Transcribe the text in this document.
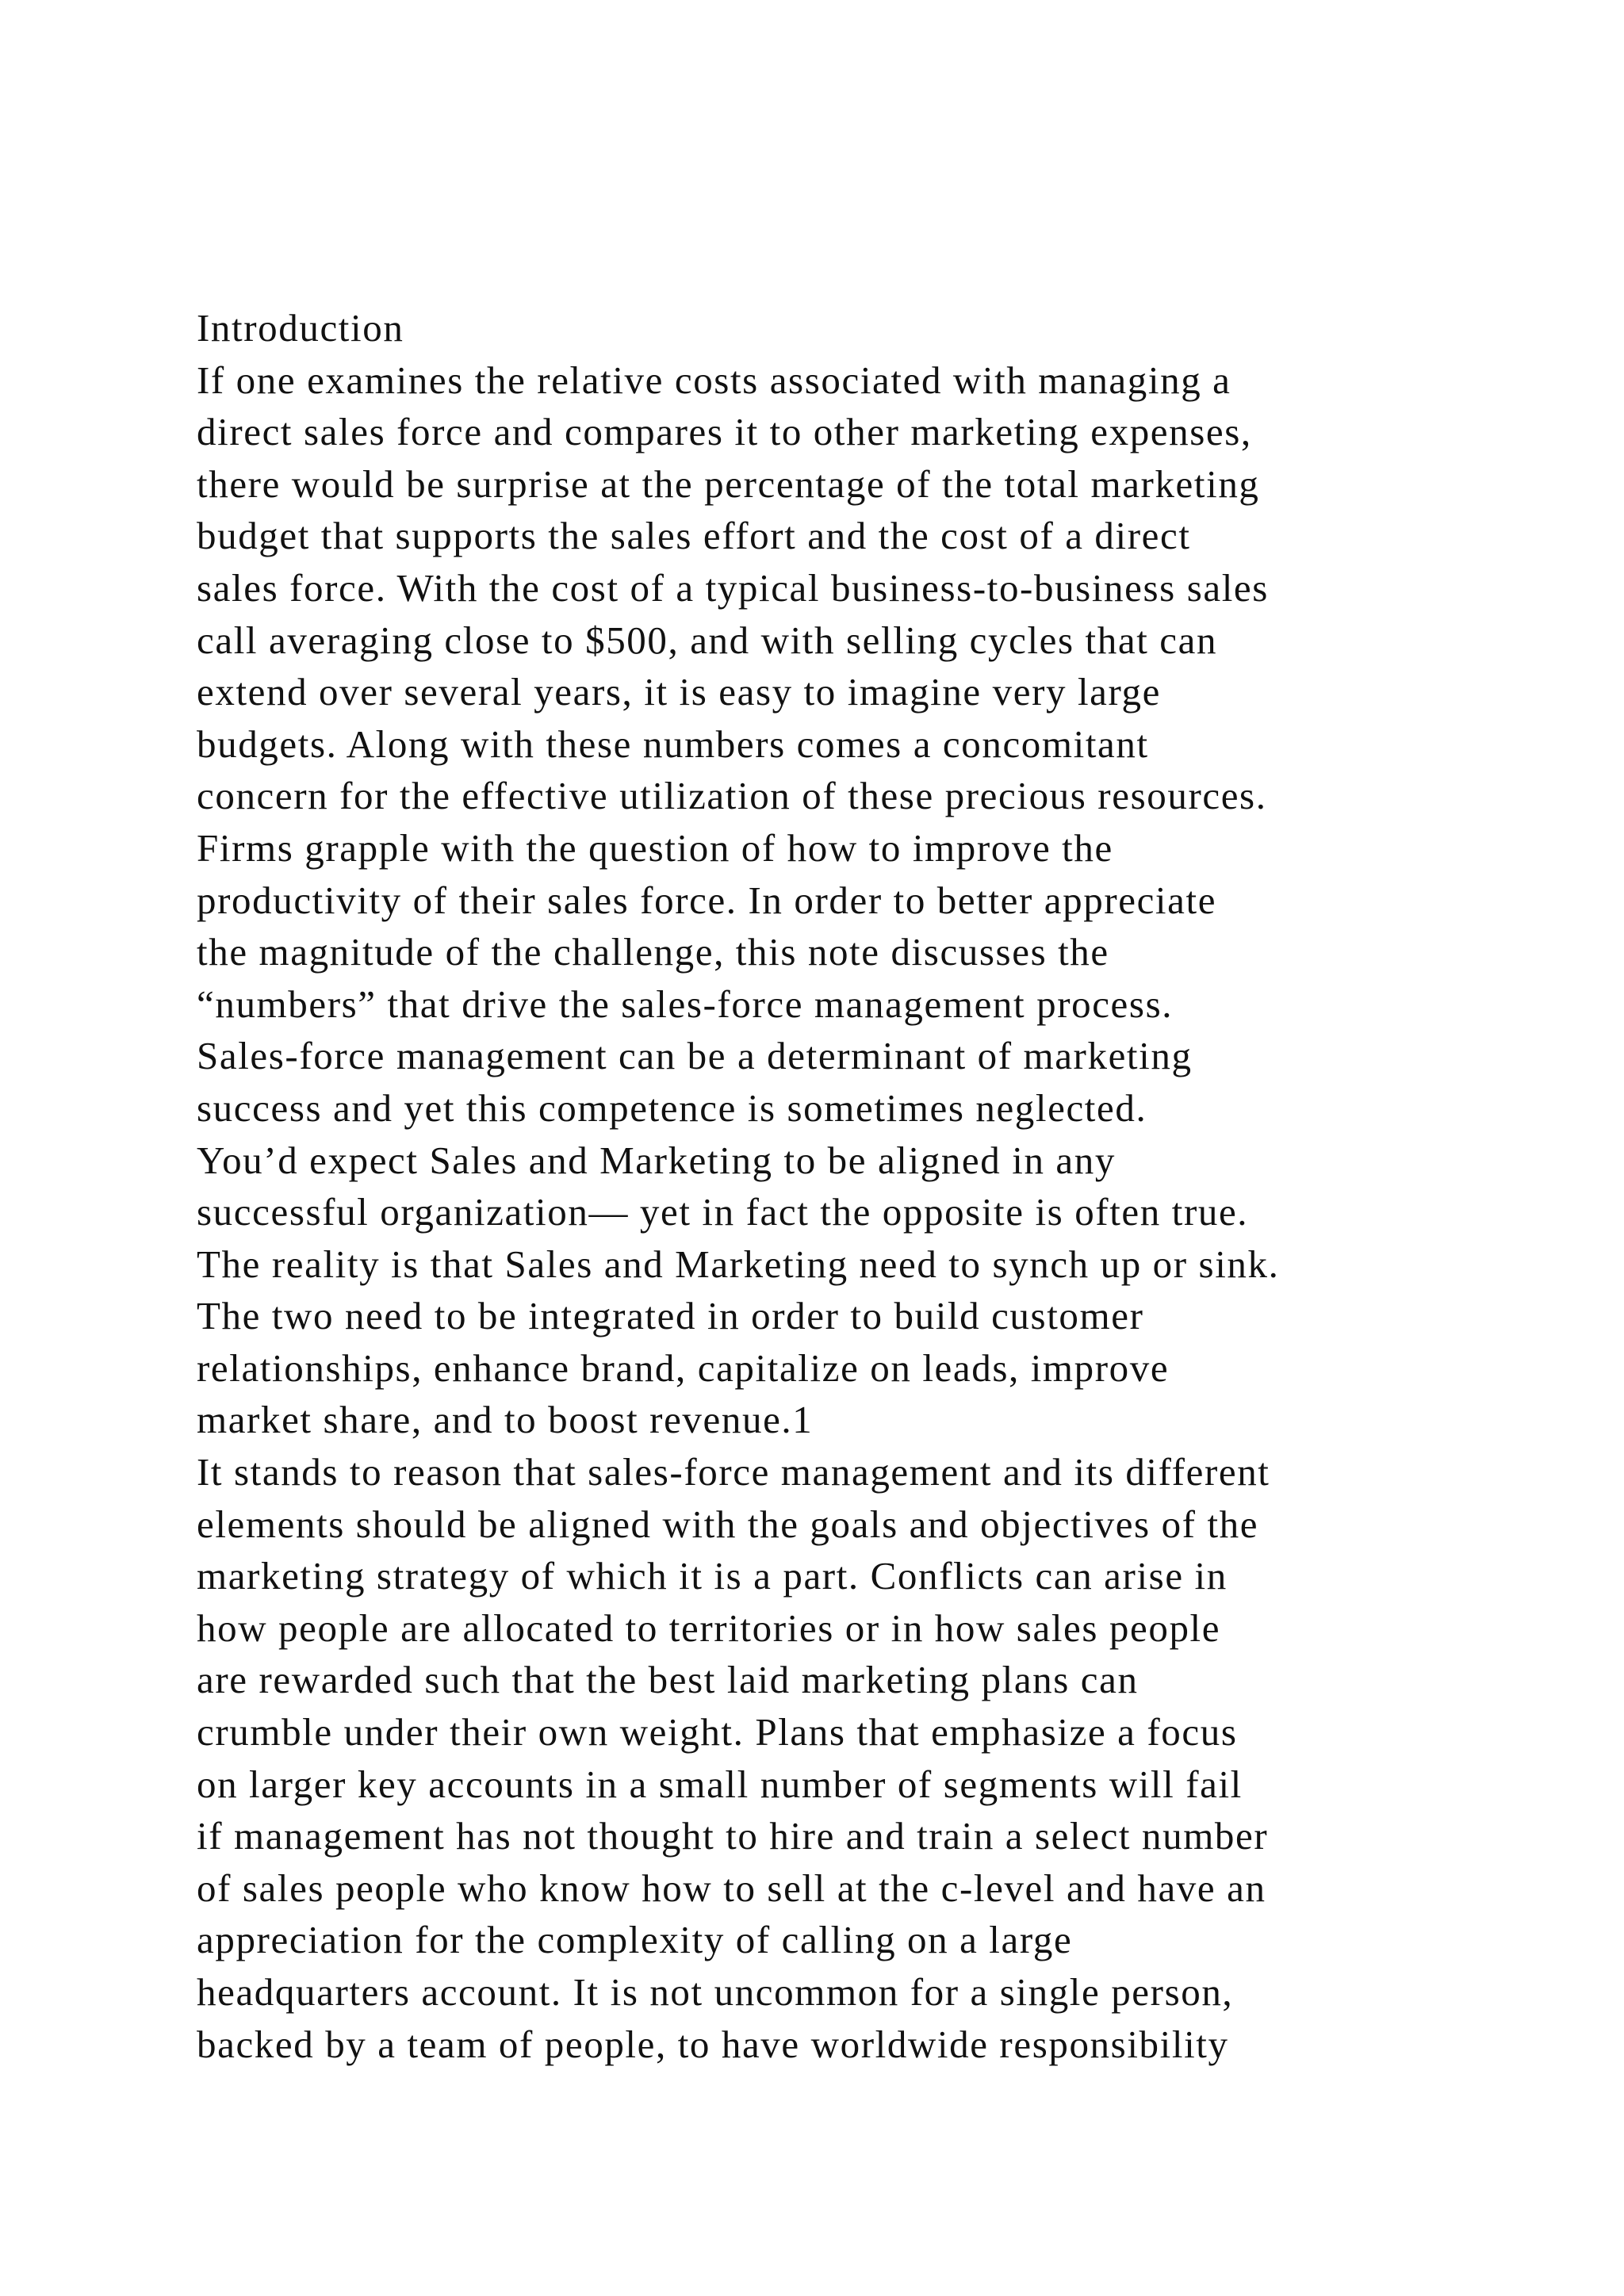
Introduction
If one examines the relative costs associated with managing a
direct sales force and compares it to other marketing expenses,
there would be surprise at the percentage of the total marketing
budget that supports the sales effort and the cost of a direct
sales force. With the cost of a typical business-to-business sales
call averaging close to $500, and with selling cycles that can
extend over several years, it is easy to imagine very large
budgets. Along with these numbers comes a concomitant
concern for the effective utilization of these precious resources.
Firms grapple with the question of how to improve the
productivity of their sales force. In order to better appreciate
the magnitude of the challenge, this note discusses the
“numbers” that drive the sales-force management process.
Sales-force management can be a determinant of marketing
success and yet this competence is sometimes neglected.
You’d expect Sales and Marketing to be aligned in any
successful organization— yet in fact the opposite is often true.
The reality is that Sales and Marketing need to synch up or sink.
The two need to be integrated in order to build customer
relationships, enhance brand, capitalize on leads, improve
market share, and to boost revenue.1
It stands to reason that sales-force management and its different
elements should be aligned with the goals and objectives of the
marketing strategy of which it is a part. Conflicts can arise in
how people are allocated to territories or in how sales people
are rewarded such that the best laid marketing plans can
crumble under their own weight. Plans that emphasize a focus
on larger key accounts in a small number of segments will fail
if management has not thought to hire and train a select number
of sales people who know how to sell at the c-level and have an
appreciation for the complexity of calling on a large
headquarters account. It is not uncommon for a single person,
backed by a team of people, to have worldwide responsibility
